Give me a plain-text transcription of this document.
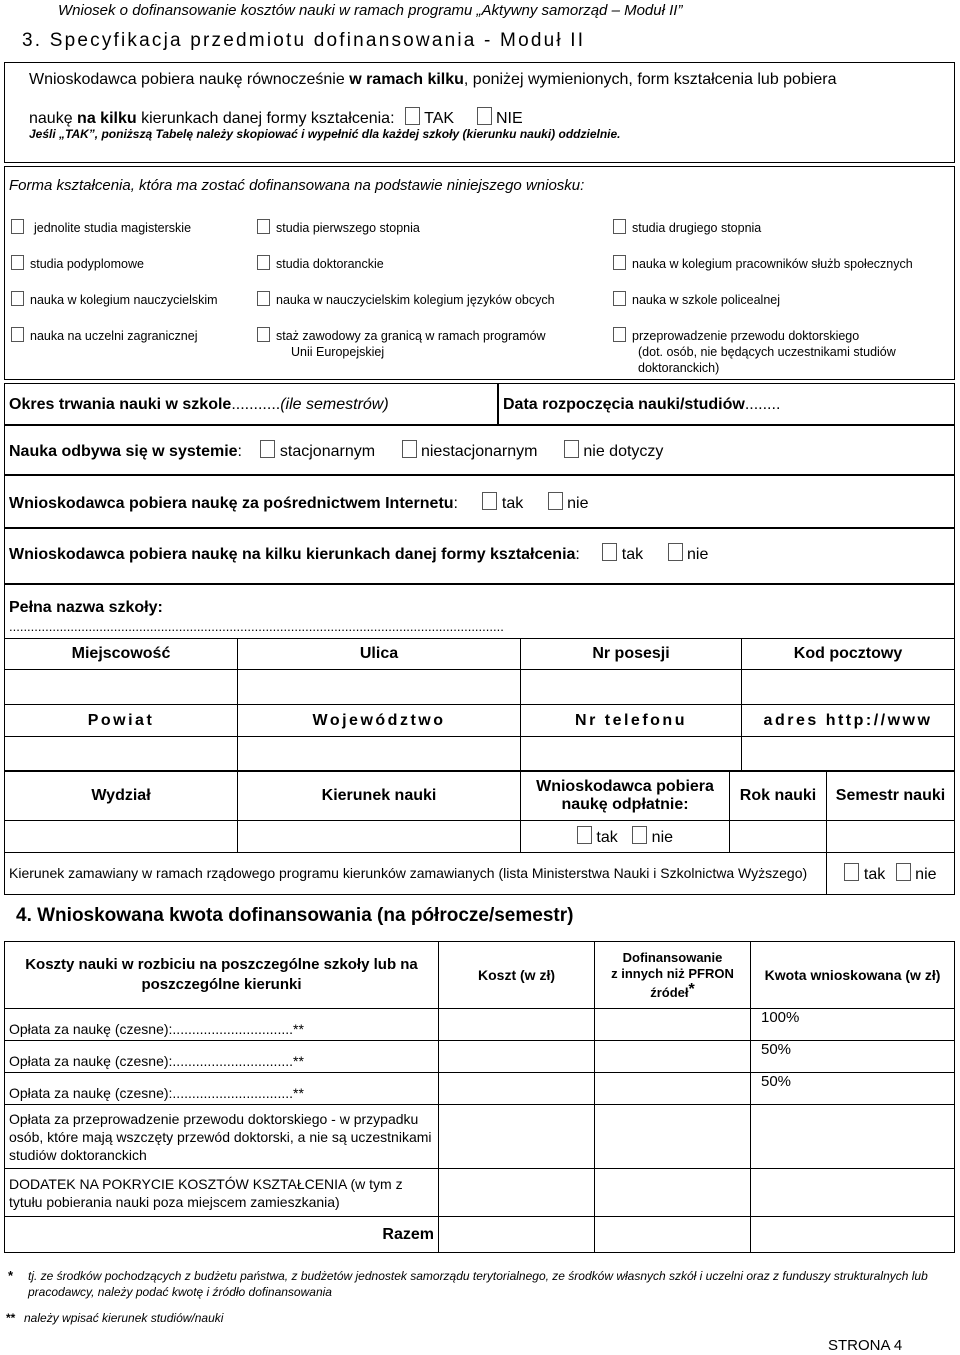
Wniosek o dofinansowanie kosztów nauki w ramach programu „Aktywny samorząd – Moduł II”
3. Specyfikacja przedmiotu dofinansowania - Moduł II
Wnioskodawca pobiera naukę równocześnie w ramach kilku, poniżej wymienionych, form kształcenia lub pobiera
naukę na kilku kierunkach danej formy kształcenia: TAK	NIE
Jeśli „TAK”, poniższą Tabelę należy skopiować i wypełnić dla każdej szkoły (kierunku nauki) oddzielnie.
Forma kształcenia, która ma zostać dofinansowana na podstawie niniejszego wniosku:
jednolite studia magisterskie	studia pierwszego stopnia	studia drugiego stopnia
studia podyplomowe	studia doktoranckie	nauka w kolegium pracowników służb społecznych
nauka w kolegium nauczycielskim	nauka w nauczycielskim kolegium języków obcych	nauka w szkole policealnej
nauka na uczelni zagranicznej	staż zawodowy za granicą w ramach programów
Unii Europejskiej
przeprowadzenie przewodu doktorskiego
(dot. osób, nie będących uczestnikami studiów
doktoranckich)
Okres trwania nauki w szkole...........(ile semestrów)	Data rozpoczęcia nauki/studiów........
Nauka odbywa się w systemie: stacjonarnym	niestacjonarnym	nie dotyczy
Wnioskodawca pobiera naukę za pośrednictwem Internetu:	tak	nie
Wnioskodawca pobiera naukę na kilku kierunkach danej formy kształcenia:	tak	nie
Pełna nazwa szkoły:
.........................................................................................................................................
Miejscowość	Ulica	Nr posesji	Kod pocztowy

Powiat	Województwo	Nr telefonu	adres http://www

Wydział	Kierunek nauki	Wnioskodawca pobiera naukę odpłatnie:	Rok nauki	Semestr nauki
		tak nie		
Kierunek zamawiany w ramach rządowego programu kierunków zamawianych (lista Ministerstwa Nauki i Szkolnictwa Wyższego)				tak nie
4. Wnioskowana kwota dofinansowania (na półrocze/semestr)
Koszty nauki w rozbiciu na poszczególne szkoły lub na poszczególne kierunki	Koszt (w zł)	Dofinansowanie
z innych niż PFRON
źródeł*	Kwota wnioskowana (w zł)
Opłata za naukę (czesne):...............................**			100%
Opłata za naukę (czesne):...............................**			50%
Opłata za naukę (czesne):...............................**			50%
Opłata za przeprowadzenie przewodu doktorskiego - w przypadku osób, które mają wszczęty przewód doktorski, a nie są uczestnikami studiów doktoranckich			
DODATEK NA POKRYCIE KOSZTÓW KSZTAŁCENIA (w tym z tytułu pobierania nauki poza miejscem zamieszkania)			
Razem			
* tj. ze środków pochodzących z budżetu państwa, z budżetów jednostek samorządu terytorialnego, ze środków własnych szkół i uczelni oraz z funduszy strukturalnych lub pracodawcy, należy podać kwotę i źródło dofinansowania
** należy wpisać kierunek studiów/nauki
STRONA 4
